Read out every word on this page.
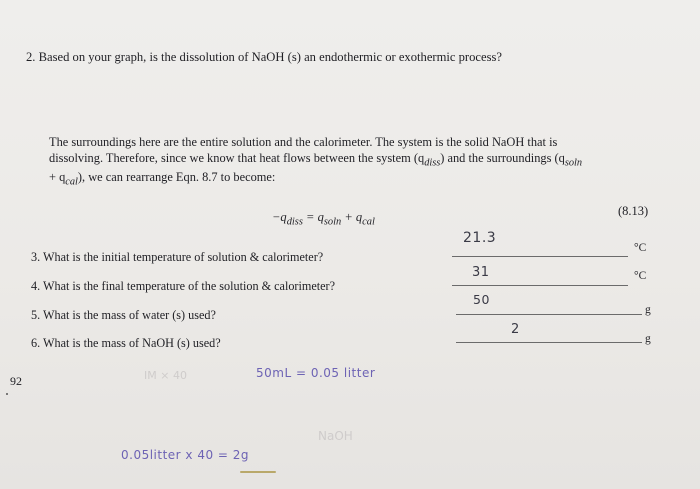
2. Based on your graph, is the dissolution of NaOH (s) an endothermic or exothermic process?
The surroundings here are the entire solution and the calorimeter. The system is the solid NaOH that is
dissolving. Therefore, since we know that heat flows between the system $(q_{diss})$ and the surroundings ($q_{soln}$
+ $q_{cal}$), we can rearrange Eqn. 8.7 to become:
$-q_{diss} = q_{soln} + q_{cal}$
(8.13)
3. What is the initial temperature of solution & calorimeter?
4. What is the final temperature of the solution & calorimeter?
5. What is the mass of water (s) used?
6. What is the mass of NaOH (s) used?
°C
°C
g
g
21.3
31
50
2
92
50mL = 0.05 litter
0.05litter x 40 = 2g
NaOH
IM × 40
